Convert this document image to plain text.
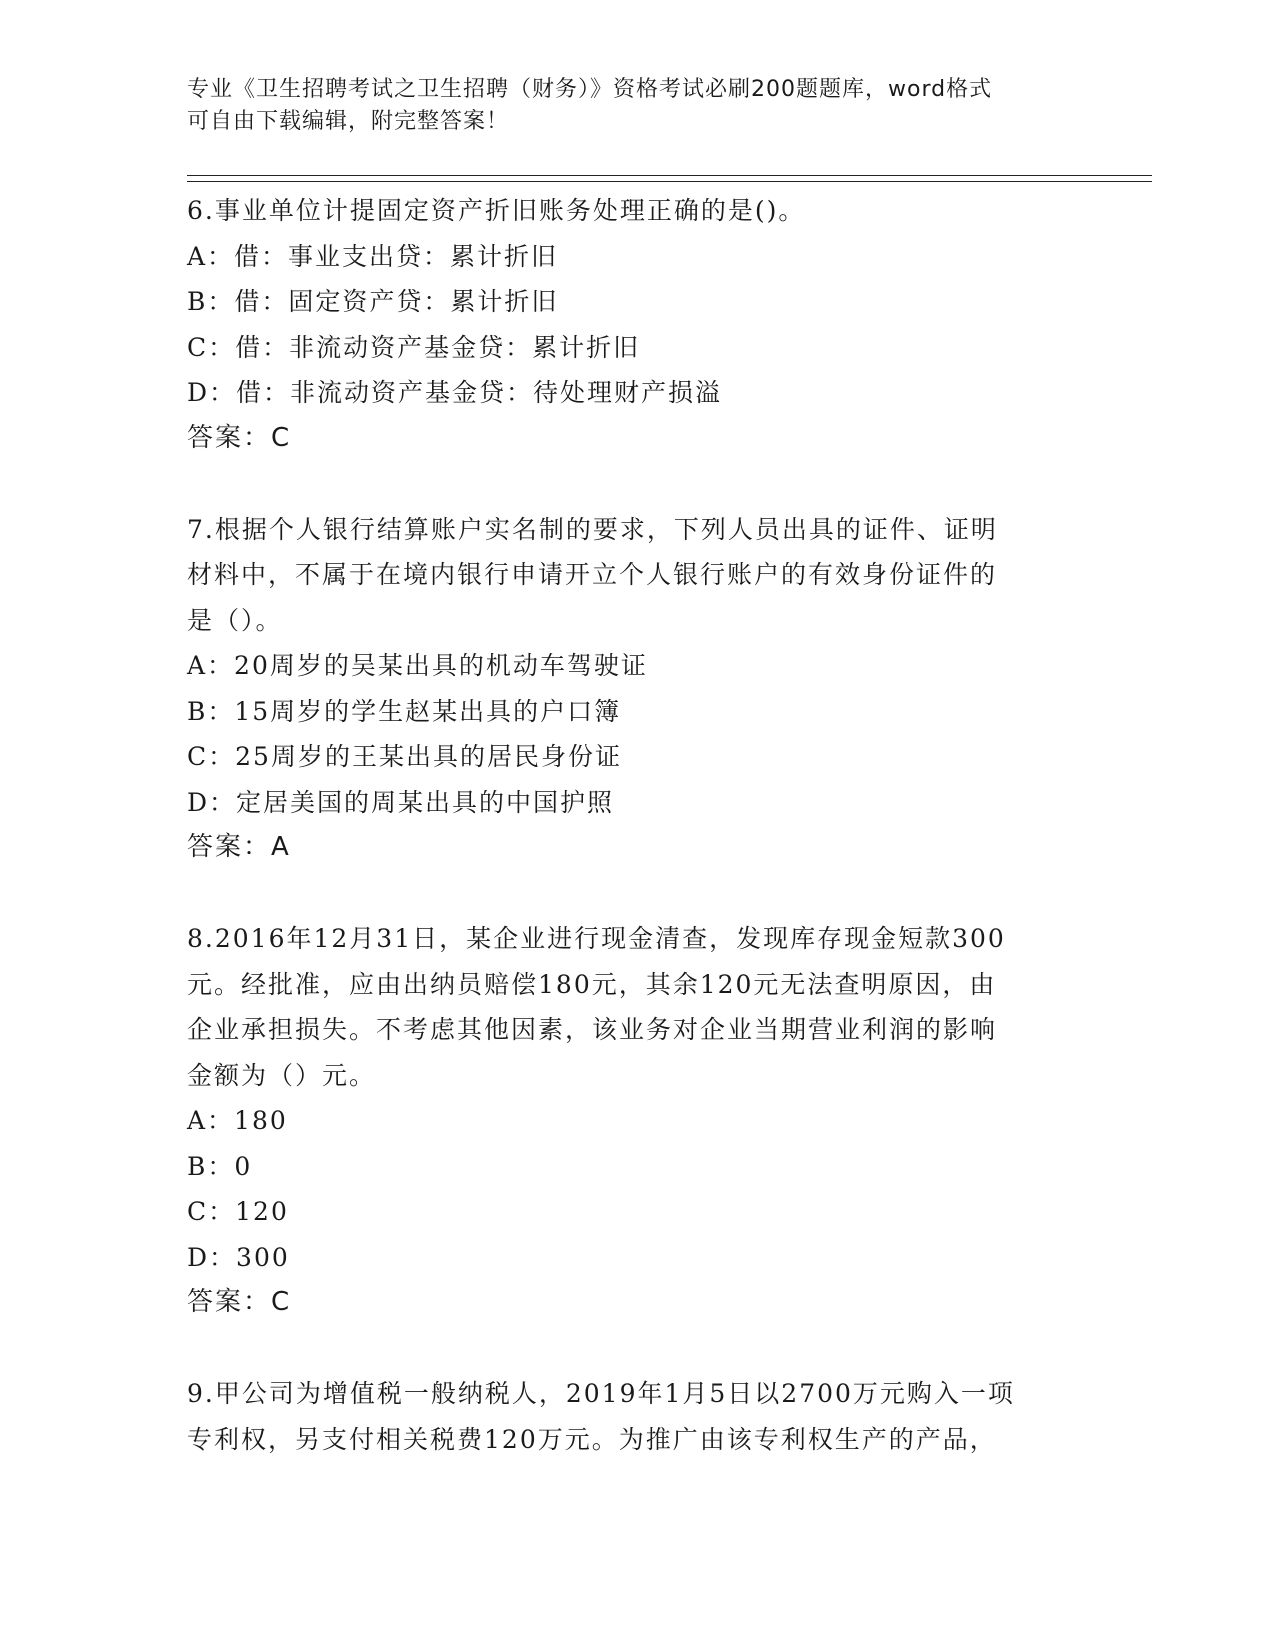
专业《卫生招聘考试之卫生招聘（财务）》资格考试必刷200题题库，word格式
可自由下载编辑，附完整答案！
6.事业单位计提固定资产折旧账务处理正确的是()。
A：借：事业支出贷：累计折旧
B：借：固定资产贷：累计折旧
C：借：非流动资产基金贷：累计折旧
D：借：非流动资产基金贷：待处理财产损溢
答案：C
7.根据个人银行结算账户实名制的要求，下列人员出具的证件、证明
材料中，不属于在境内银行申请开立个人银行账户的有效身份证件的
是（）。
A：20周岁的吴某出具的机动车驾驶证
B：15周岁的学生赵某出具的户口簿
C：25周岁的王某出具的居民身份证
D：定居美国的周某出具的中国护照
答案：A
8.2016年12月31日，某企业进行现金清查，发现库存现金短款300
元。经批准，应由出纳员赔偿180元，其余120元无法查明原因，由
企业承担损失。不考虑其他因素，该业务对企业当期营业利润的影响
金额为（）元。
A：180
B：0
C：120
D：300
答案：C
9.甲公司为增值税一般纳税人，2019年1月5日以2700万元购入一项
专利权，另支付相关税费120万元。为推广由该专利权生产的产品，
